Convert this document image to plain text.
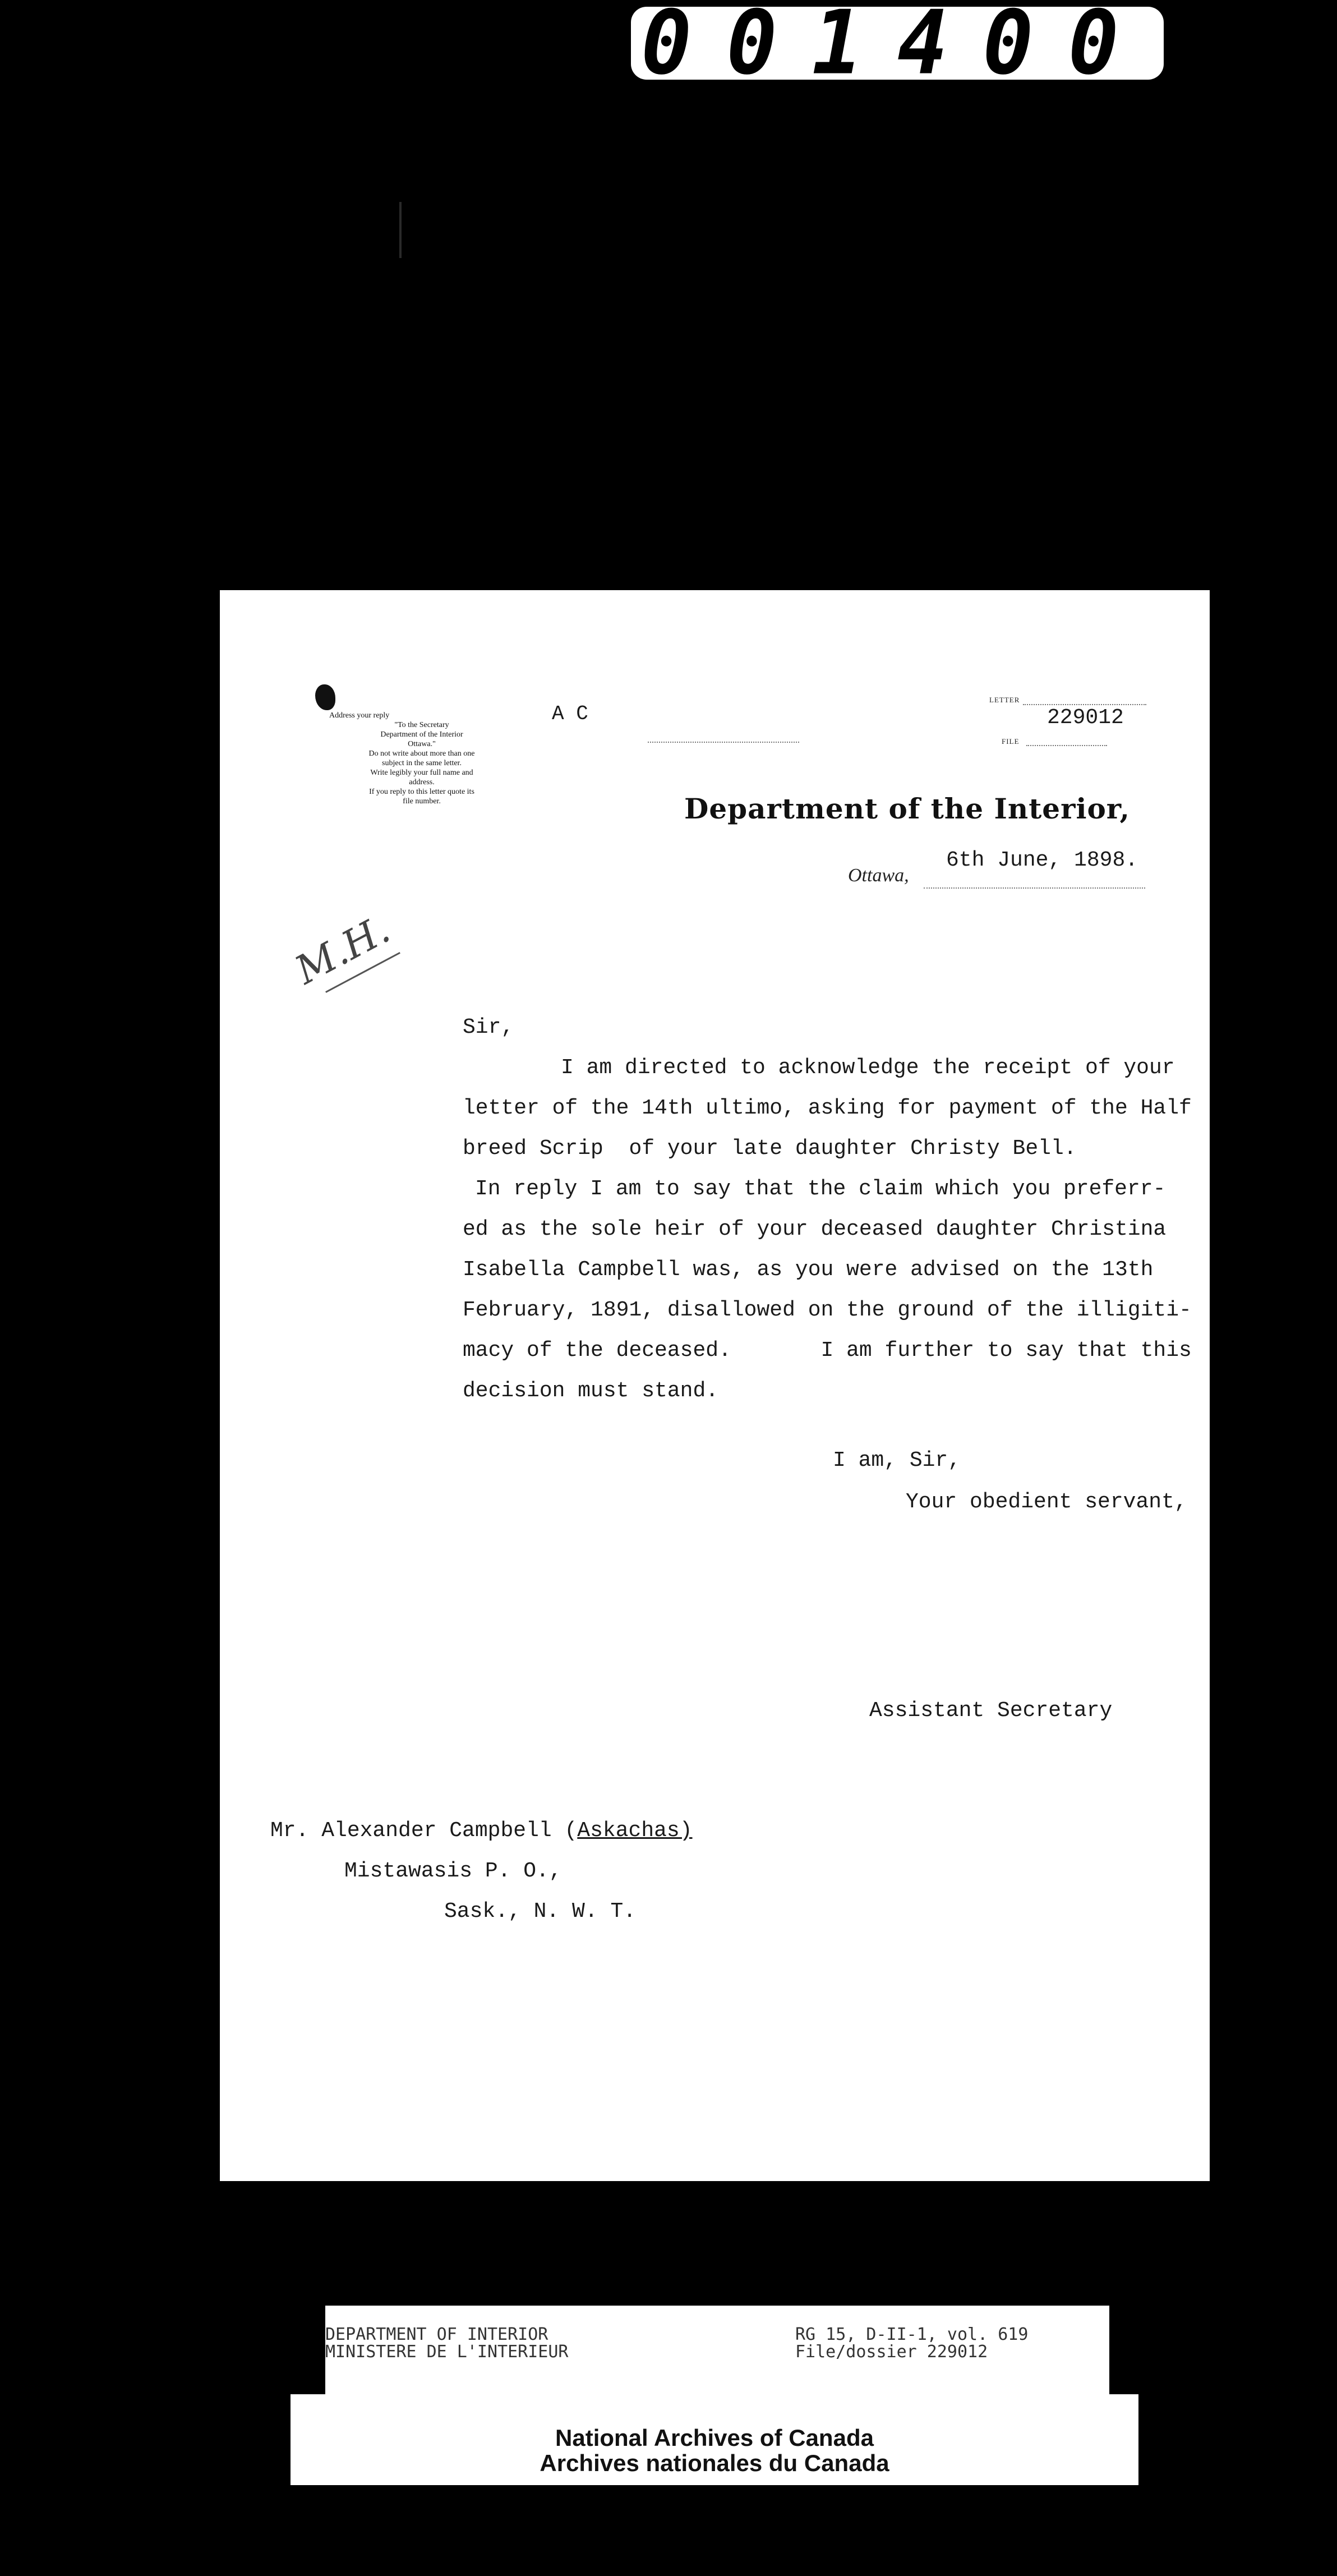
001400
Address your reply
"To the Secretary
Department of the Interior
Ottawa."
Do not write about more than one
subject in the same letter.
Write legibly your full name and
address.
If you reply to this letter quote its
file number.
A C
LETTER
229012
FILE
Department of the Interior,
Ottawa,
6th June, 1898.
M.H.
Sir,
I am directed to acknowledge the receipt of your
letter of the 14th ultimo, asking for payment of the Half
breed Scrip  of your late daughter Christy Bell.
In reply I am to say that the claim which you preferr-
ed as the sole heir of your deceased daughter Christina
Isabella Campbell was, as you were advised on the 13th
February, 1891, disallowed on the ground of the illigiti-
macy of the deceased.       I am further to say that this
decision must stand.
I am, Sir,
Your obedient servant,
Assistant Secretary
Mr. Alexander Campbell (Askachas)
Mistawasis P. O.,
Sask., N. W. T.
DEPARTMENT OF INTERIOR
MINISTERE DE L'INTERIEUR
RG 15, D-II-1, vol. 619
File/dossier 229012
National Archives of Canada
Archives nationales du Canada
